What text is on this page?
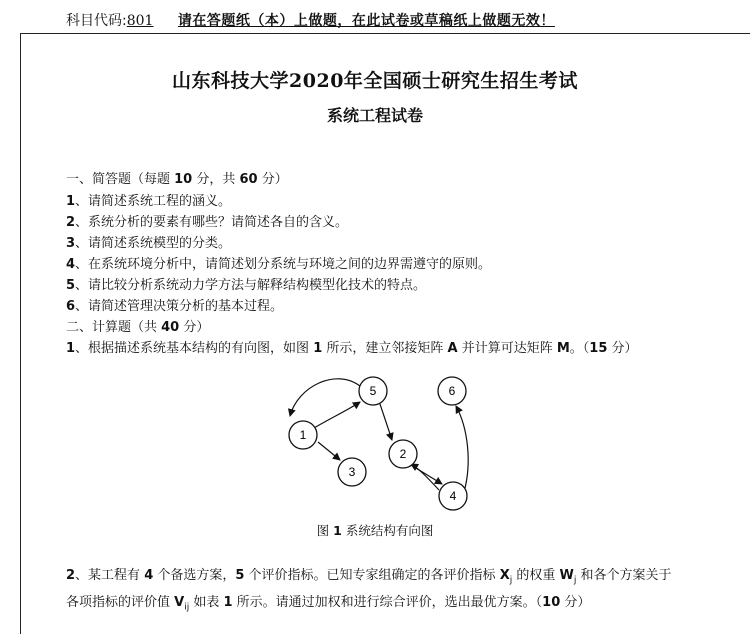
科目代码:801 请在答题纸（本）上做题，在此试卷或草稿纸上做题无效！
山东科技大学2020年全国硕士研究生招生考试
系统工程试卷
一、简答题（每题 10 分，共 60 分）
1、请简述系统工程的涵义。
2、系统分析的要素有哪些？请简述各自的含义。
3、请简述系统模型的分类。
4、在系统环境分析中，请简述划分系统与环境之间的边界需遵守的原则。
5、请比较分析系统动力学方法与解释结构模型化技术的特点。
6、请简述管理决策分析的基本过程。
二、计算题（共 40 分）
1、根据描述系统基本结构的有向图，如图 1 所示，建立邻接矩阵 A 并计算可达矩阵 M。（15 分）
1
2
3
4
5	6
图 1 系统结构有向图
2、某工程有 4 个备选方案，5 个评价指标。已知专家组确定的各评价指标 $X_j$ 的权重 $W_j$ 和各个方案关于
各项指标的评价值 $V_{ij}$ 如表 1 所示。请通过加权和进行综合评价，选出最优方案。（10 分）
